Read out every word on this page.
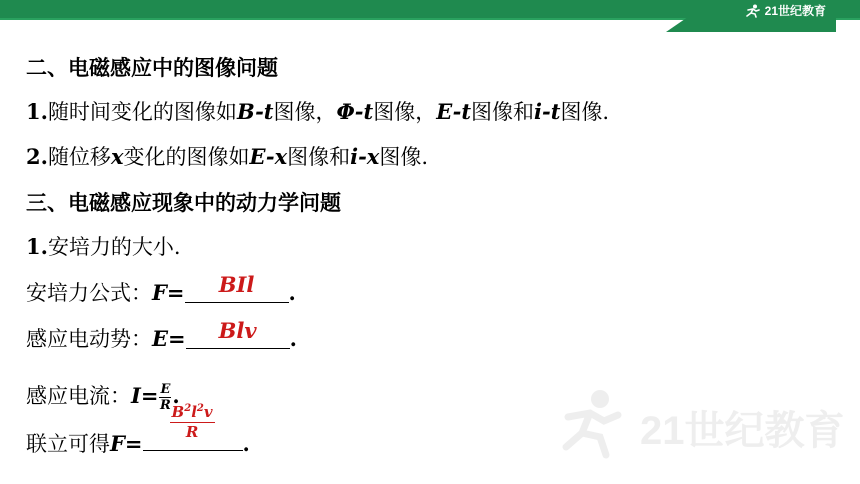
21世纪教育
二、电磁感应中的图像问题
1.随时间变化的图像如B-t图像，Φ-t图像，E-t图像和i-t图像.
2.随位移x变化的图像如E-x图像和i-x图像.
三、电磁感应现象中的动力学问题
1.安培力的大小.
安培力公式：F= BIl .
感应电动势：E= Blv .
感应电流：$I= \frac{E}{R}$ .
联立可得F=
$\frac{B^2l^2v}{R}$
.	21世纪教育
